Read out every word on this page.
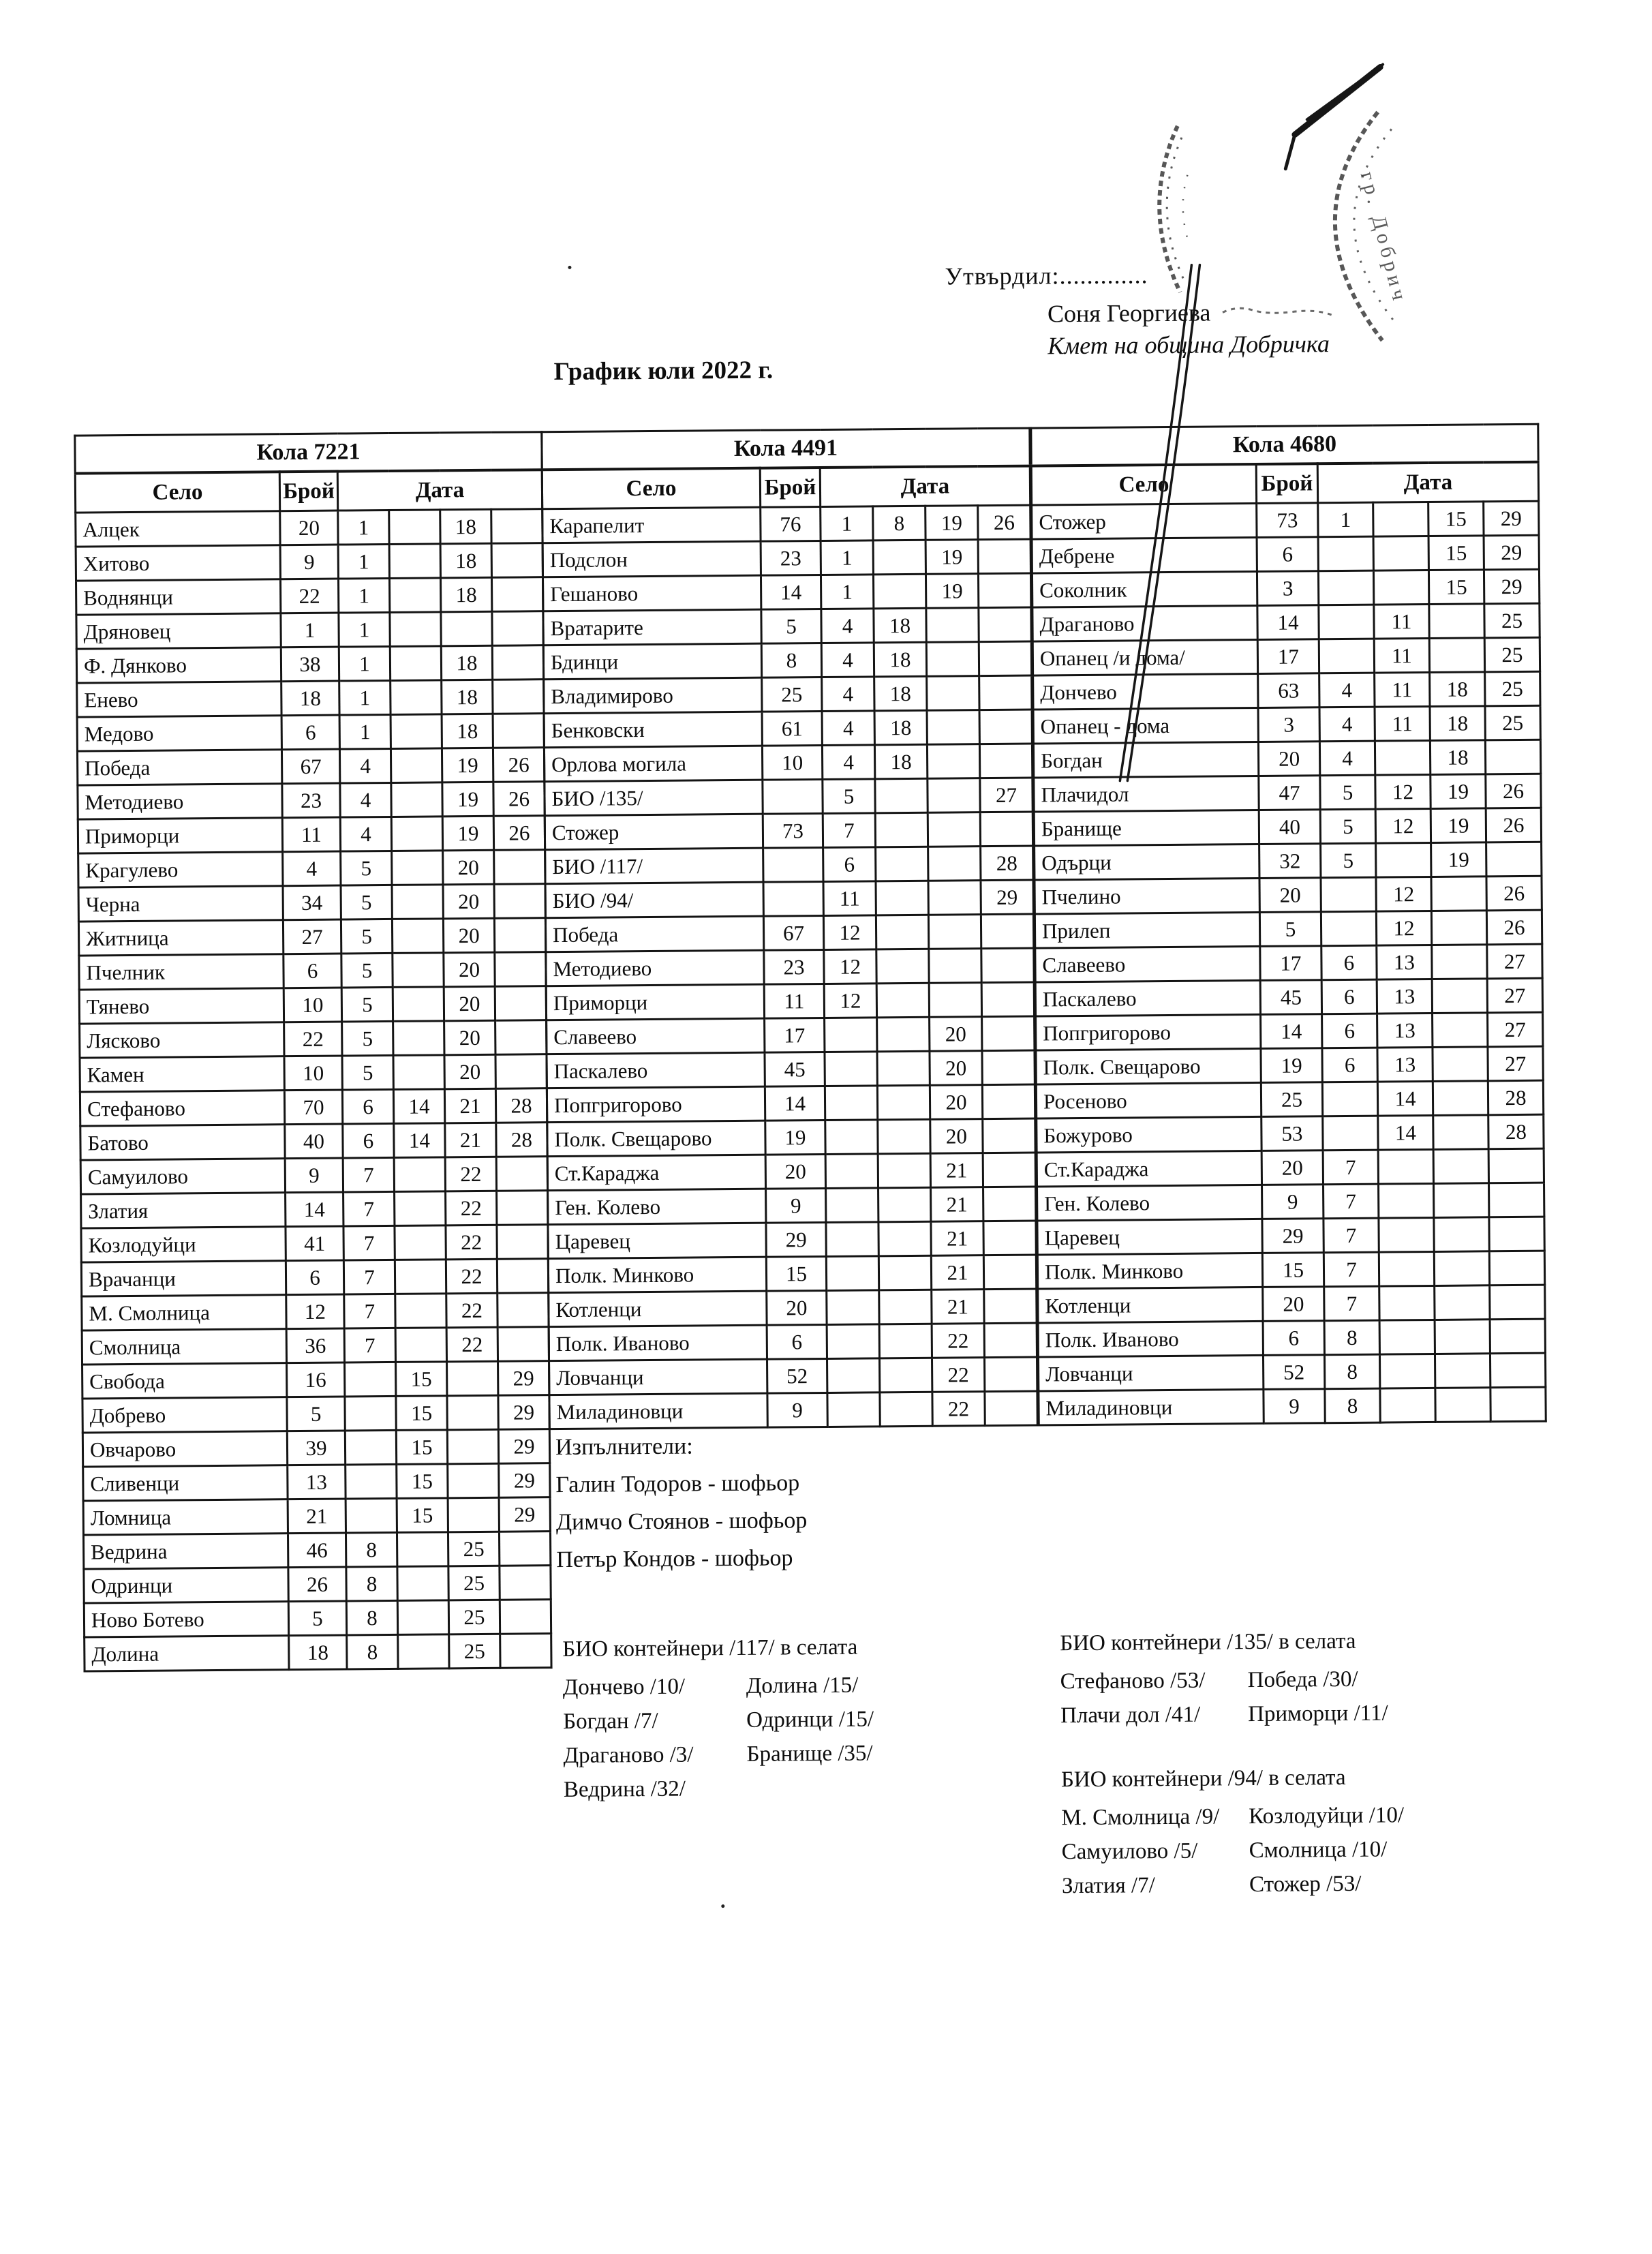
Утвърдил:.............
Соня Георгиева
Кмет на община Добричка
График юли 2022 г.
Кола 7221					
Село	Брой	Дата			
Алцек	20	1		18	
Хитово	9	1		18	
Воднянци	22	1		18	
Дряновец	1	1			
Ф. Дянково	38	1		18	
Енево	18	1		18	
Медово	6	1		18	
Победа	67	4		19	26
Методиево	23	4		19	26
Приморци	11	4		19	26
Крагулево	4	5		20	
Черна	34	5		20	
Житница	27	5		20	
Пчелник	6	5		20	
Тянево	10	5		20	
Лясково	22	5		20	
Камен	10	5		20	
Стефаново	70	6	14	21	28
Батово	40	6	14	21	28
Самуилово	9	7		22	
Златия	14	7		22	
Козлодуйци	41	7		22	
Врачанци	6	7		22	
М. Смолница	12	7		22	
Смолница	36	7		22	
Свобода	16		15		29
Добрево	5		15		29
Овчарово	39		15		29
Сливенци	13		15		29
Ломница	21		15		29
Ведрина	46	8		25	
Одринци	26	8		25	
Ново Ботево	5	8		25	
Долина	18	8		25	
Кола 4491					
Село	Брой	Дата			
Карапелит	76	1	8	19	26
Подслон	23	1		19	
Гешаново	14	1		19	
Вратарите	5	4	18		
Бдинци	8	4	18		
Владимирово	25	4	18		
Бенковски	61	4	18		
Орлова могила	10	4	18		
БИО /135/		5			27
Стожер	73	7			
БИО /117/		6			28
БИО /94/		11			29
Победа	67	12			
Методиево	23	12			
Приморци	11	12			
Славеево	17			20	
Паскалево	45			20	
Попгригорово	14			20	
Полк. Свещарово	19			20	
Ст.Караджа	20			21	
Ген. Колево	9			21	
Царевец	29			21	
Полк. Минково	15			21	
Котленци	20			21	
Полк. Иваново	6			22	
Ловчанци	52			22	
Миладиновци	9			22	
Кола 4680					
Село	Брой	Дата			
Стожер	73	1		15	29
Дебрене	6			15	29
Соколник	3			15	29
Драганово	14		11		25
Опанец /и дома/	17		11		25
Дончево	63	4	11	18	25
Опанец - дома	3	4	11	18	25
Богдан	20	4		18	
Плачидол	47	5	12	19	26
Бранище	40	5	12	19	26
Одърци	32	5		19	
Пчелино	20		12		26
Прилеп	5		12		26
Славеево	17	6	13		27
Паскалево	45	6	13		27
Попгригорово	14	6	13		27
Полк. Свещарово	19	6	13		27
Росеново	25		14		28
Божурово	53		14		28
Ст.Караджа	20	7			
Ген. Колево	9	7			
Царевец	29	7			
Полк. Минково	15	7			
Котленци	20	7			
Полк. Иваново	6	8			
Ловчанци	52	8			
Миладиновци	9	8			
Изпълнители:
Галин Тодоров - шофьор
Димчо Стоянов - шофьор
Петър Кондов - шофьор
БИО контейнери /117/ в селата
Дончево /10/	Долина /15/
Богдан /7/	Одринци /15/
Драганово /3/	Бранище /35/
Ведрина /32/
БИО контейнери /135/ в селата
Стефаново /53/	Победа /30/
Плачи дол /41/	Приморци /11/
БИО контейнери /94/ в селата
М. Смолница /9/	Козлодуйци /10/
Самуилово /5/	Смолница /10/
Златия /7/	Стожер /53/
гр. Добрич
